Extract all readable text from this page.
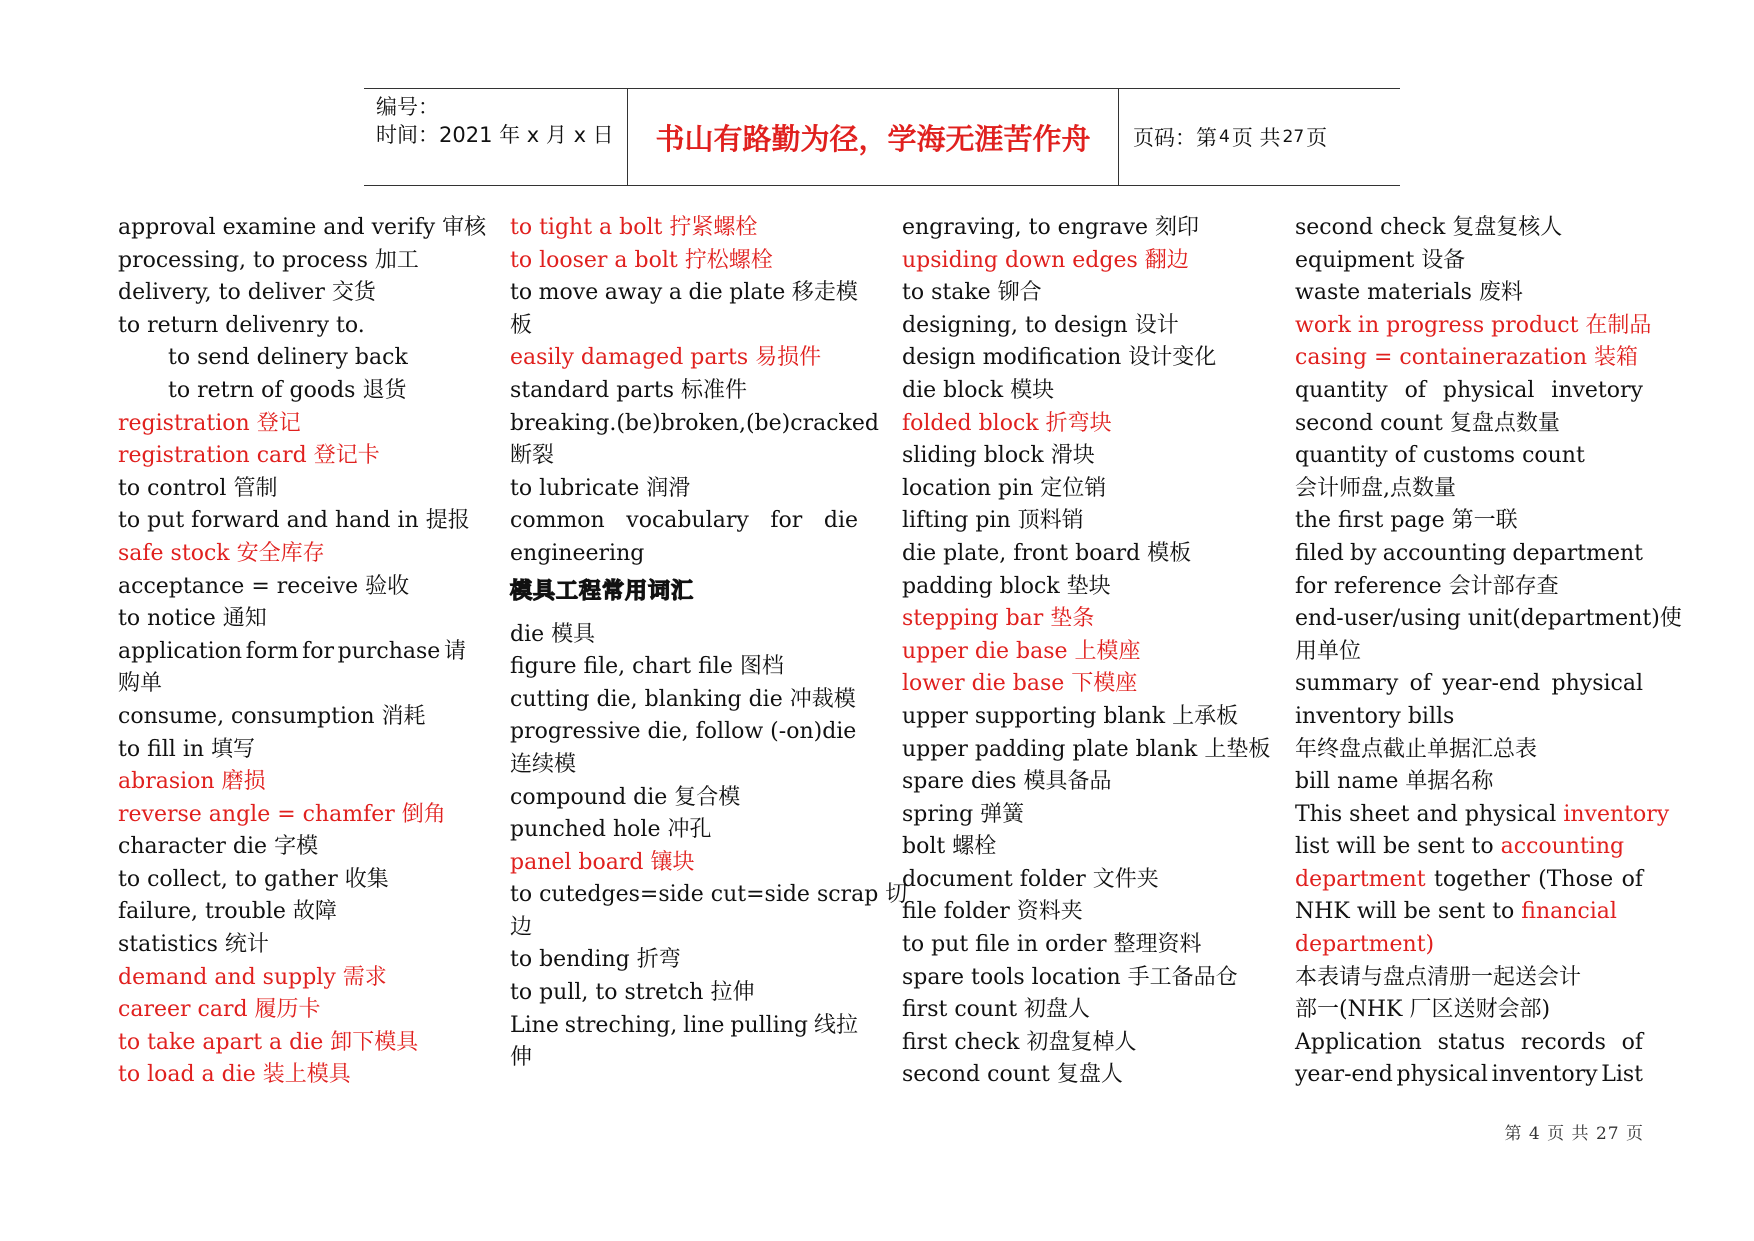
编号：
时间：2021 年 x 月 x 日	书山有路勤为径，学海无涯苦作舟	页码：第 4 页 共 27 页
approval examine and verify 审核
processing, to process 加工
delivery, to deliver 交货
to return delivenry to.
to send delinery back
to retrn of goods 退货
registration 登记
registration card 登记卡
to control 管制
to put forward and hand in 提报
safe stock 安全库存
acceptance = receive 验收
to notice 通知
application form for purchase 请
购单
consume, consumption 消耗
to fill in 填写
abrasion 磨损
reverse angle = chamfer 倒角
character die 字模
to collect, to gather 收集
failure, trouble 故障
statistics 统计
demand and supply 需求
career card 履历卡
to take apart a die 卸下模具
to load a die 装上模具
to tight a bolt 拧紧螺栓
to looser a bolt 拧松螺栓
to move away a die plate 移走模
板
easily damaged parts 易损件
standard parts 标准件
breaking.(be)broken,(be)cracked
断裂
to lubricate 润滑
common vocabulary for die
engineering
模具工程常用词汇
die 模具
figure file, chart file 图档
cutting die, blanking die 冲裁模
progressive die, follow (-on)die
连续模
compound die 复合模
punched hole 冲孔
panel board 镶块
to cutedges=side cut=side scrap 切
边
to bending 折弯
to pull, to stretch 拉伸
Line streching, line pulling 线拉
伸
engraving, to engrave 刻印
upsiding down edges 翻边
to stake 铆合
designing, to design 设计
design modification 设计变化
die block 模块
folded block 折弯块
sliding block 滑块
location pin 定位销
lifting pin 顶料销
die plate, front board 模板
padding block 垫块
stepping bar 垫条
upper die base 上模座
lower die base 下模座
upper supporting blank 上承板
upper padding plate blank 上垫板
spare dies 模具备品
spring 弹簧
bolt 螺栓
document folder 文件夹
file folder 资料夹
to put file in order 整理资料
spare tools location 手工备品仓
first count 初盘人
first check 初盘复棹人
second count 复盘人
second check 复盘复核人
equipment 设备
waste materials 废料
work in progress product 在制品
casing = containerazation 装箱
quantity of physical invetory
second count 复盘点数量
quantity of customs count
会计师盘,点数量
the first page 第一联
filed by accounting department
for reference 会计部存查
end-user/using unit(department)使
用单位
summary of year-end physical
inventory bills
年终盘点截止单据汇总表
bill name 单据名称
This sheet and physical inventory
list will be sent to accounting
department together (Those of
NHK will be sent to financial
department)
本表请与盘点清册一起送会计
部一(NHK 厂区送财会部)
Application status records of
year-end physical inventory List
第 4 页 共 27 页
